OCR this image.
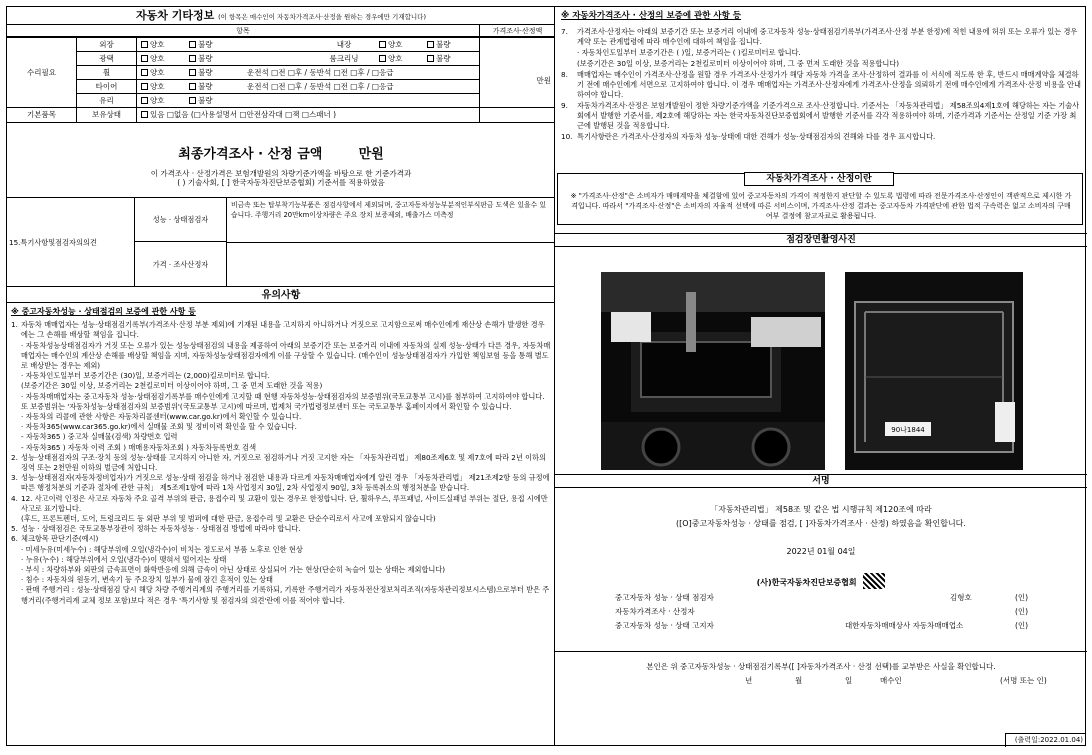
자동차 기타정보 (이 항목은 매수인이 자동차가격조사·산정을 원하는 경우에만 기재합니다)
항목	가격조사·산정액
외장	양호	불량	내장	양호	불량
광택	양호	불량	룸크리닝	양호	불량
휠	양호	불량	운전석 □전 □후 / 동반석 □전 □후 / □응급
타이어	양호	불량	운전석 □전 □후 / 동반석 □전 □후 / □응급
유리	양호	불량
기본품목	보유상태	있음 □없음 (□사용설명서 □안전삼각대 □잭 □스패너 )
수리필요
만원
최종가격조사 · 산정 금액	만원
이 가격조사 · 산정가격은 보험개발원의 차량기준가액을 바탕으로 한 기준가격과
( ) 기술사회, [ ] 한국자동차진단보증협회) 기준서를 적용하였음
15.특기사항및점검자의의견
성능 · 상태점검자
비금속 또는 탑부착기능부품은 점검사항에서 제외되며, 중고자동차성능부분적인부식판금 도색은 있을수 있습니다. 주행거리 20만km이상차량은 주요 장치 보증제외, 배출가스 미측정
가격 · 조사산정자
유의사항
※ 중고자동차성능 · 상태점검의 보증에 관한 사항 등
1. 자동차 매매업자는 성능·상태점검기록부(가격조사·산정 부분 제외)에 기재된 내용을 고지하지 아니하거나 거짓으로 고지함으로써 매수인에게 재산상 손해가 발생한 경우에는 그 손해를 배상할 책임을 집니다.
· 자동차성능상태점검자가 거짓 또는 오류가 있는 성능상태점검의 내용을 제공하여 아래의 보증기간 또는 보증거리 이내에 자동차의 실제 성능·상태가 다른 경우, 자동차매매업자는 매수인의 계산상 손해를 배상할 책임을 지며, 자동차성능상태점검자에게 이를 구상할 수 있습니다. (매수인이 성능상태점검자가 가입한 책임보험 등을 통해 별도로 배상받는 경우는 제외)
· 자동차인도일부터 보증기간은 (30)일, 보증거리는 (2,000)킬로미터로 합니다.
(보증기간은 30일 이상, 보증거리는 2천킬로미터 이상이어야 하며, 그 중 먼저 도래한 것을 적용)
· 자동차매매업자는 중고자동차 성능·상태점검기록부를 매수인에게 고지할 때 현행 자동차성능·상태점검자의 보증범위(국토교통부 고시)를 첨부하여 고지하여야 합니다. 또 보증범위는 '자동차성능·상태점검자의 보증범위'(국토교통부 고시)에 따르며, 법제처 국가법령정보센터 또는 국토교통부 홈페이지에서 확인할 수 있습니다.
· 자동차의 리콜에 관한 사항은 자동차리콜센터(www.car.go.kr)에서 확인할 수 있습니다.
· 자동차365(www.car365.go.kr)에서 실매물 조회 및 정비이력 확인을 할 수 있습니다.
- 자동차365 ) 중고차 실매물(검색) 차량번호 입력
- 자동차365 ) 자동차 이력 조회 ) 매매용자동차조회 ) 자동차등록번호 검색
2. 성능·상태점검자의 구조·장치 등의 성능·상태를 고지하지 아니한 자, 거짓으로 점검하거나 거짓 고지한 자는 「자동차관리법」 제80조제6호 및 제7호에 따라 2년 이하의 징역 또는 2천만원 이하의 벌금에 처합니다.
3. 성능·상태점검자(자동차정비업자)가 거짓으로 성능·상태 점검을 하거나 점검한 내용과 다르게 자동차매매업자에게 알린 경우 「자동차관리법」 제21조제2항 등의 규정에 따른 행정처분의 기준과 절차에 관한 규칙」 제5조제1항에 따라 1차 사업정지 30일, 2차 사업정지 90일, 3차 등록취소의 행정처분을 받습니다.
4. 12. 사고이력 인정은 사고로 자동차 주요 골격 부위의 판금, 용접수리 및 교환이 있는 경우로 한정합니다. 단, 휠하우스, 루프패널, 사이드실패널 부위는 절단, 용접 시에만 사고로 표기합니다.
(후드, 프론트펜더, 도어, 트렁크리드 등 외판 부위 및 범퍼에 대한 판금, 용접수리 및 교환은 단순수리로서 사고에 포함되지 않습니다)
5. 성능 · 상태점검은 국토교통부장관이 정하는 자동차성능 · 상태점검 방법에 따라야 합니다.
6. 체크항목 판단기준(예시)
· 미세누유(미세누수) : 해당부위에 오일(냉각수)이 비치는 정도로서 부품 노후로 인한 현상
· 누유(누수) : 해당부위에서 오일(냉각수)이 맺혀서 떨어지는 상태
· 부식 : 차량하부와 외판의 금속표면이 화학반응에 의해 금속이 아닌 상태로 상실되어 가는 현상(단순히 녹슬어 있는 상태는 제외합니다)
· 침수 : 자동차의 원동기, 변속기 등 주요장치 일부가 물에 잠긴 흔적이 있는 상태
· 판매 주행거리 : 성능·상태점검 당시 해당 차량 주행거리계의 주행거리를 기록하되, 기록한 주행거리가 자동차전산정보처리조직(자동차관리정보시스템)으로부터 받은 주행거리(주행거리계 교체 정보 포함)보다 적은 경우 '특기사항 및 점검자의 의견'란에 이를 적어야 합니다.
※ 자동차가격조사 · 산정의 보증에 관한 사항 등
7.	가격조사·산정자는 아래의 보증기간 또는 보증거리 이내에 중고자동차 성능·상태점검기록부(가격조사·산정 부분 한정)에 적힌 내용에 허위 또는 오류가 있는 경우 계약 또는 관계법령에 따라 매수인에 대하여 책임을 집니다.
· 자동차인도일부터 보증기간은 ( )일, 보증거리는 ( )킬로미터로 합니다.
(보증기간은 30일 이상, 보증거리는 2천킬로미터 이상이어야 하며, 그 중 먼저 도래한 것을 적용합니다)
8.	매매업자는 매수인이 가격조사·산정을 원할 경우 가격조사·산정가가 해당 자동차 가격을 조사·산정하여 결과를 이 서식에 적도록 한 후, 반드시 매매계약을 체결하기 전에 매수인에게 서면으로 고지하여야 합니다. 이 경우 매매업자는 가격조사·산정자에게 가격조사·산정을 의뢰하기 전에 매수인에게 가격조사·산정 비용을 안내하여야 합니다.
9.	자동차가격조사·산정은 보험개발원이 정한 차량기준가액을 기준가격으로 조사·산정합니다. 기준서는 「자동차관리법」 제58조의4제1호에 해당하는 자는 기술사회에서 발행한 기준서를, 제2호에 해당하는 자는 한국자동차진단보증협회에서 발행한 기준서를 각각 적용하여야 하며, 기준가격과 기준서는 산정일 기준 가장 최근에 발행된 것을 적용합니다.
10. 특기사항란은 가격조사·산정자의 자동차 성능·상태에 대한 견해가 성능·상태점검자의 견해와 다를 경우 표시합니다.
자동차가격조사 · 산정이란
※ "가격조사·산정"은 소비자가 매매계약을 체결함에 있어 중고자동차의 가격이 적정한지 판단할 수 있도록 법령에 따라 전문가격조사·산정인이 객관적으로 제시한 가격입니다. 따라서 "가격조사·산정"은 소비자의 자율적 선택에 따른 서비스이며, 가격조사·산정 결과는 중고자동차 가격판단에 관한 법적 구속력은 없고 소비자의 구매여부 결정에 참고자료로 활용됩니다.
점검장면촬영사진
90나1844
서명
「자동차관리법」 제58조 및 같은 법 시행규칙 제120조에 따라
([O]중고자동차성능 · 상태를 점검, [ ]자동차가격조사 · 산정) 하였음을 확인합니다.
2022년 01월 04일
(사)한국자동차진단보증협회
중고자동차 성능 · 상태 점검자	김형호	(인)
자동차가격조사 · 산정자	(인)
중고자동차 성능 · 상태 고지자	대한자동차매매상사 자동차매매업소	(인)
본인은 위 중고자동차성능 · 상태점검기록부([ ]자동차가격조사 · 산정 선택)를 교부받은 사실을 확인합니다.
년	월	일	매수인	(서명 또는 인)
(출력일:2022.01.04)
